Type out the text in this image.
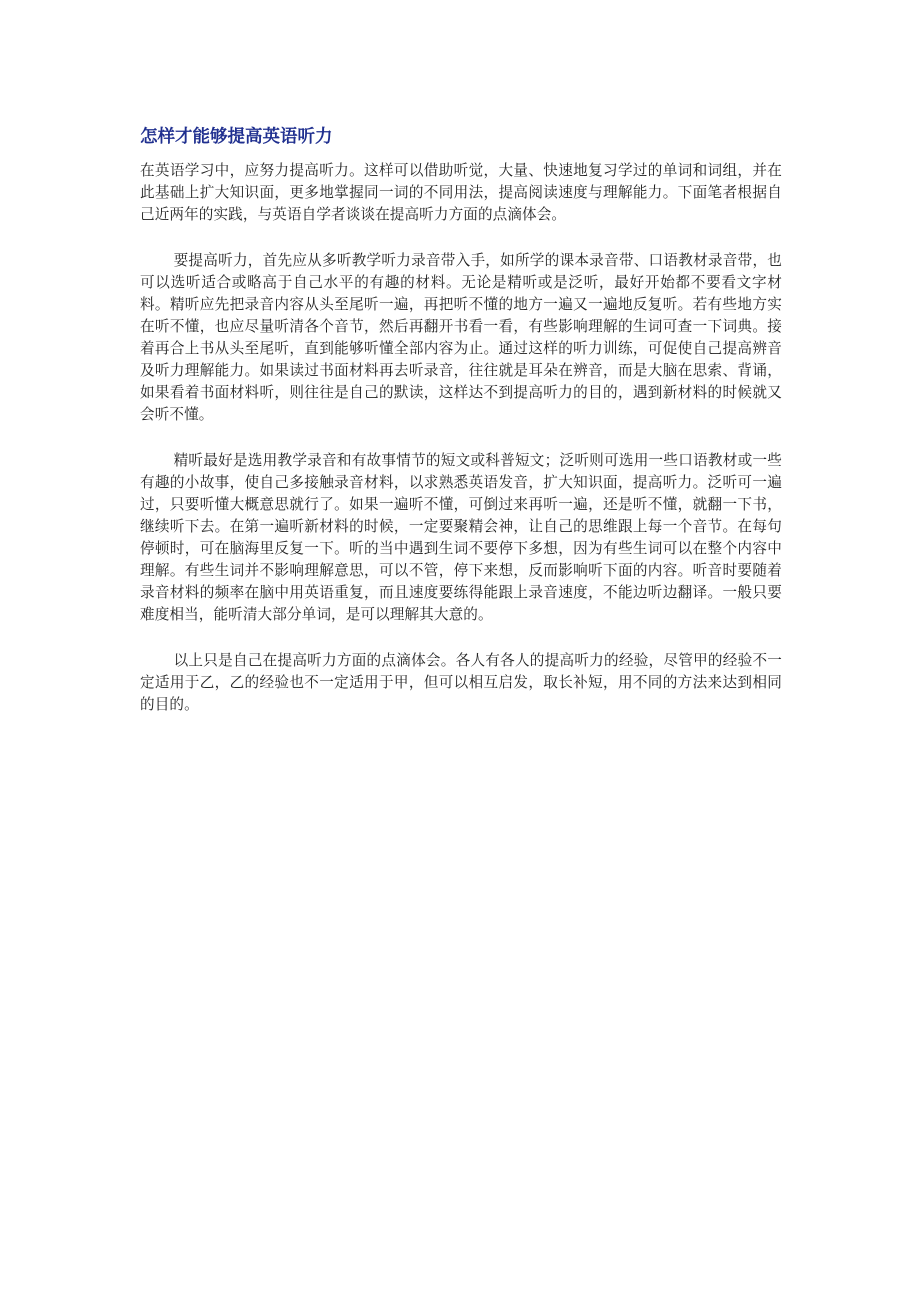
怎样才能够提高英语听力

在英语学习中，应努力提高听力。这样可以借助听觉，大量、快速地复习学过的单词和词组，并在此基础上扩大知识面，更多地掌握同一词的不同用法，提高阅读速度与理解能力。下面笔者根据自己近两年的实践，与英语自学者谈谈在提高听力方面的点滴体会。

要提高听力，首先应从多听教学听力录音带入手，如所学的课本录音带、口语教材录音带，也可以选听适合或略高于自己水平的有趣的材料。无论是精听或是泛听，最好开始都不要看文字材料。精听应先把录音内容从头至尾听一遍，再把听不懂的地方一遍又一遍地反复听。若有些地方实在听不懂，也应尽量听清各个音节，然后再翻开书看一看，有些影响理解的生词可查一下词典。接着再合上书从头至尾听，直到能够听懂全部内容为止。通过这样的听力训练，可促使自己提高辨音及听力理解能力。如果读过书面材料再去听录音，往往就是耳朵在辨音，而是大脑在思索、背诵，如果看着书面材料听，则往往是自己的默读，这样达不到提高听力的目的，遇到新材料的时候就又会听不懂。

精听最好是选用教学录音和有故事情节的短文或科普短文；泛听则可选用一些口语教材或一些有趣的小故事，使自己多接触录音材料，以求熟悉英语发音，扩大知识面，提高听力。泛听可一遍过，只要听懂大概意思就行了。如果一遍听不懂，可倒过来再听一遍，还是听不懂，就翻一下书，继续听下去。在第一遍听新材料的时候，一定要聚精会神，让自己的思维跟上每一个音节。在每句停顿时，可在脑海里反复一下。听的当中遇到生词不要停下多想，因为有些生词可以在整个内容中理解。有些生词并不影响理解意思，可以不管，停下来想，反而影响听下面的内容。听音时要随着录音材料的频率在脑中用英语重复，而且速度要练得能跟上录音速度，不能边听边翻译。一般只要难度相当，能听清大部分单词，是可以理解其大意的。

以上只是自己在提高听力方面的点滴体会。各人有各人的提高听力的经验，尽管甲的经验不一定适用于乙，乙的经验也不一定适用于甲，但可以相互启发，取长补短，用不同的方法来达到相同的目的。
